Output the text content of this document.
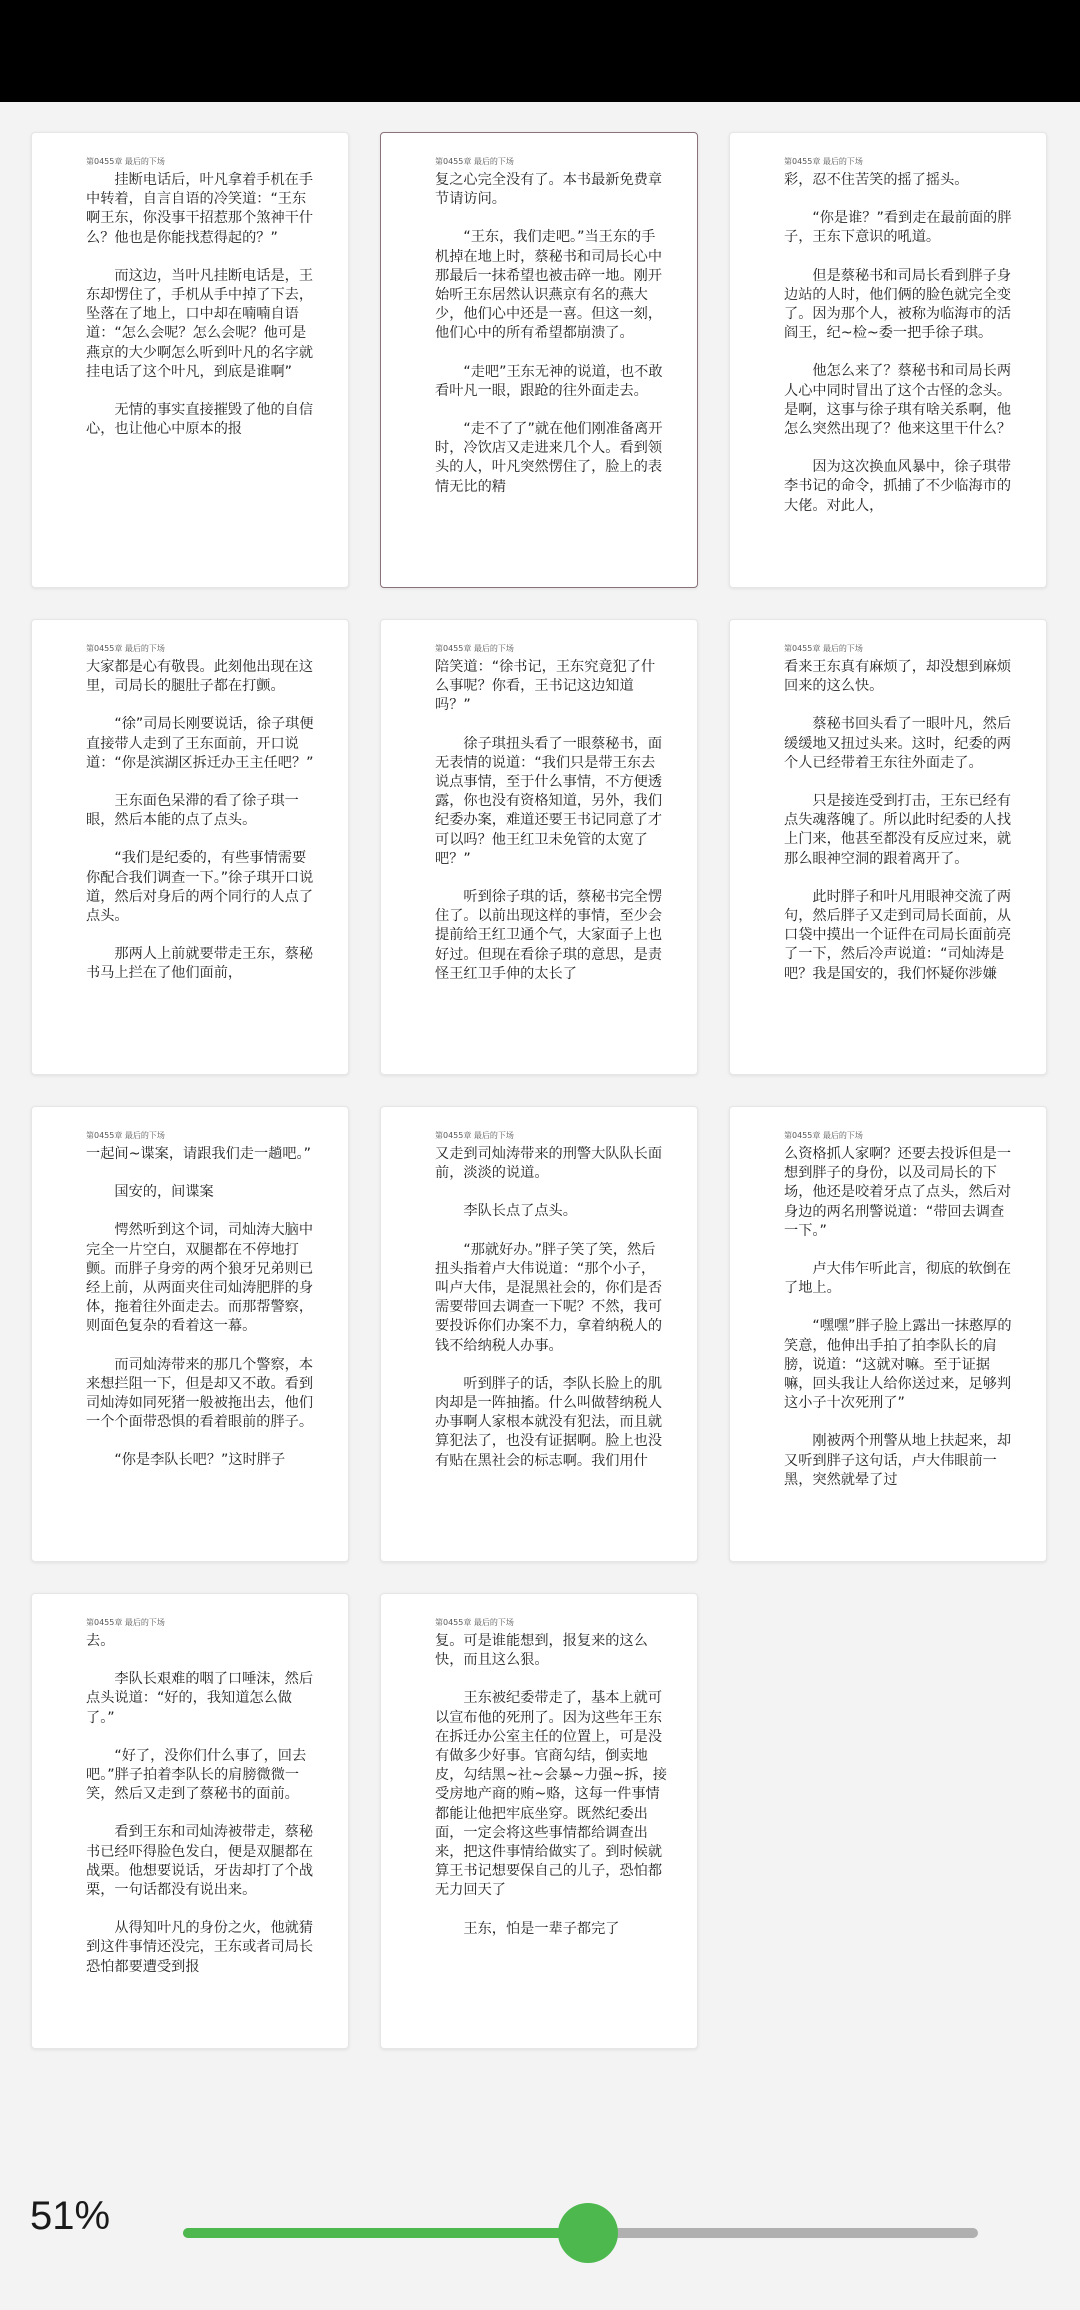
第0455章 最后的下场
挂断电话后，叶凡拿着手机在手中转着，自言自语的冷笑道：“王东啊王东，你没事干招惹那个煞神干什么？他也是你能找惹得起的？”
而这边，当叶凡挂断电话是，王东却愣住了，手机从手中掉了下去，坠落在了地上，口中却在喃喃自语道：“怎么会呢？怎么会呢？他可是燕京的大少啊怎么听到叶凡的名字就挂电话了这个叶凡，到底是谁啊”
无情的事实直接摧毁了他的自信心，也让他心中原本的报
第0455章 最后的下场
复之心完全没有了。本书最新免费章节请访问。
“王东，我们走吧。”当王东的手机掉在地上时，蔡秘书和司局长心中那最后一抹希望也被击碎一地。刚开始听王东居然认识燕京有名的燕大少，他们心中还是一喜。但这一刻，他们心中的所有希望都崩溃了。
“走吧”王东无神的说道，也不敢看叶凡一眼，跟跄的往外面走去。
“走不了了”就在他们刚准备离开时，冷饮店又走进来几个人。看到领头的人，叶凡突然愣住了，脸上的表情无比的精
第0455章 最后的下场
彩，忍不住苦笑的摇了摇头。
“你是谁？”看到走在最前面的胖子，王东下意识的吼道。
但是蔡秘书和司局长看到胖子身边站的人时，他们俩的脸色就完全变了。因为那个人，被称为临海市的活阎王，纪~检~委一把手徐子琪。
他怎么来了？蔡秘书和司局长两人心中同时冒出了这个古怪的念头。是啊，这事与徐子琪有啥关系啊，他怎么突然出现了？他来这里干什么？
因为这次换血风暴中，徐子琪带李书记的命令，抓捕了不少临海市的大佬。对此人，
第0455章 最后的下场
大家都是心有敬畏。此刻他出现在这里，司局长的腿肚子都在打颤。
“徐”司局长刚要说话，徐子琪便直接带人走到了王东面前，开口说道：“你是滨湖区拆迁办王主任吧？”
王东面色呆滞的看了徐子琪一眼，然后本能的点了点头。
“我们是纪委的，有些事情需要你配合我们调查一下。”徐子琪开口说道，然后对身后的两个同行的人点了点头。
那两人上前就要带走王东，蔡秘书马上拦在了他们面前，
第0455章 最后的下场
陪笑道：“徐书记，王东究竟犯了什么事呢？你看，王书记这边知道吗？”
徐子琪扭头看了一眼蔡秘书，面无表情的说道：“我们只是带王东去说点事情，至于什么事情，不方便透露，你也没有资格知道，另外，我们纪委办案，难道还要王书记同意了才可以吗？他王红卫未免管的太宽了吧？”
听到徐子琪的话，蔡秘书完全愣住了。以前出现这样的事情，至少会提前给王红卫通个气，大家面子上也好过。但现在看徐子琪的意思，是责怪王红卫手伸的太长了
第0455章 最后的下场
看来王东真有麻烦了，却没想到麻烦回来的这么快。
蔡秘书回头看了一眼叶凡，然后缓缓地又扭过头来。这时，纪委的两个人已经带着王东往外面走了。
只是接连受到打击，王东已经有点失魂落魄了。所以此时纪委的人找上门来，他甚至都没有反应过来，就那么眼神空洞的跟着离开了。
此时胖子和叶凡用眼神交流了两句，然后胖子又走到司局长面前，从口袋中摸出一个证件在司局长面前亮了一下，然后冷声说道：“司灿涛是吧？我是国安的，我们怀疑你涉嫌
第0455章 最后的下场
一起间~谍案，请跟我们走一趟吧。”
国安的，间谍案
愕然听到这个词，司灿涛大脑中完全一片空白，双腿都在不停地打颤。而胖子身旁的两个狼牙兄弟则已经上前，从两面夹住司灿涛肥胖的身体，拖着往外面走去。而那帮警察，则面色复杂的看着这一幕。
而司灿涛带来的那几个警察，本来想拦阻一下，但是却又不敢。看到司灿涛如同死猪一般被拖出去，他们一个个面带恐惧的看着眼前的胖子。
“你是李队长吧？”这时胖子
第0455章 最后的下场
又走到司灿涛带来的刑警大队队长面前，淡淡的说道。
李队长点了点头。
“那就好办。”胖子笑了笑，然后扭头指着卢大伟说道：“那个小子，叫卢大伟，是混黑社会的，你们是否需要带回去调查一下呢？不然，我可要投诉你们办案不力，拿着纳税人的钱不给纳税人办事。
听到胖子的话，李队长脸上的肌肉却是一阵抽搐。什么叫做替纳税人办事啊人家根本就没有犯法，而且就算犯法了，也没有证据啊。脸上也没有贴在黑社会的标志啊。我们用什
第0455章 最后的下场
么资格抓人家啊？还要去投诉但是一想到胖子的身份，以及司局长的下场，他还是咬着牙点了点头，然后对身边的两名刑警说道：“带回去调查一下。”
卢大伟乍听此言，彻底的软倒在了地上。
“嘿嘿”胖子脸上露出一抹憨厚的笑意，他伸出手拍了拍李队长的肩膀，说道：“这就对嘛。至于证据嘛，回头我让人给你送过来，足够判这小子十次死刑了”
刚被两个刑警从地上扶起来，却又听到胖子这句话，卢大伟眼前一黑，突然就晕了过
第0455章 最后的下场
去。
李队长艰难的咽了口唾沫，然后点头说道：“好的，我知道怎么做了。”
“好了，没你们什么事了，回去吧。”胖子拍着李队长的肩膀微微一笑，然后又走到了蔡秘书的面前。
看到王东和司灿涛被带走，蔡秘书已经吓得脸色发白，便是双腿都在战栗。他想要说话，牙齿却打了个战栗，一句话都没有说出来。
从得知叶凡的身份之火，他就猜到这件事情还没完，王东或者司局长恐怕都要遭受到报
第0455章 最后的下场
复。可是谁能想到，报复来的这么快，而且这么狠。
王东被纪委带走了，基本上就可以宣布他的死刑了。因为这些年王东在拆迁办公室主任的位置上，可是没有做多少好事。官商勾结，倒卖地皮，勾结黑~社~会暴~力强~拆，接受房地产商的贿~赂，这每一件事情都能让他把牢底坐穿。既然纪委出面，一定会将这些事情都给调查出来，把这件事情给做实了。到时候就算王书记想要保自己的儿子，恐怕都无力回天了
王东，怕是一辈子都完了
51%
